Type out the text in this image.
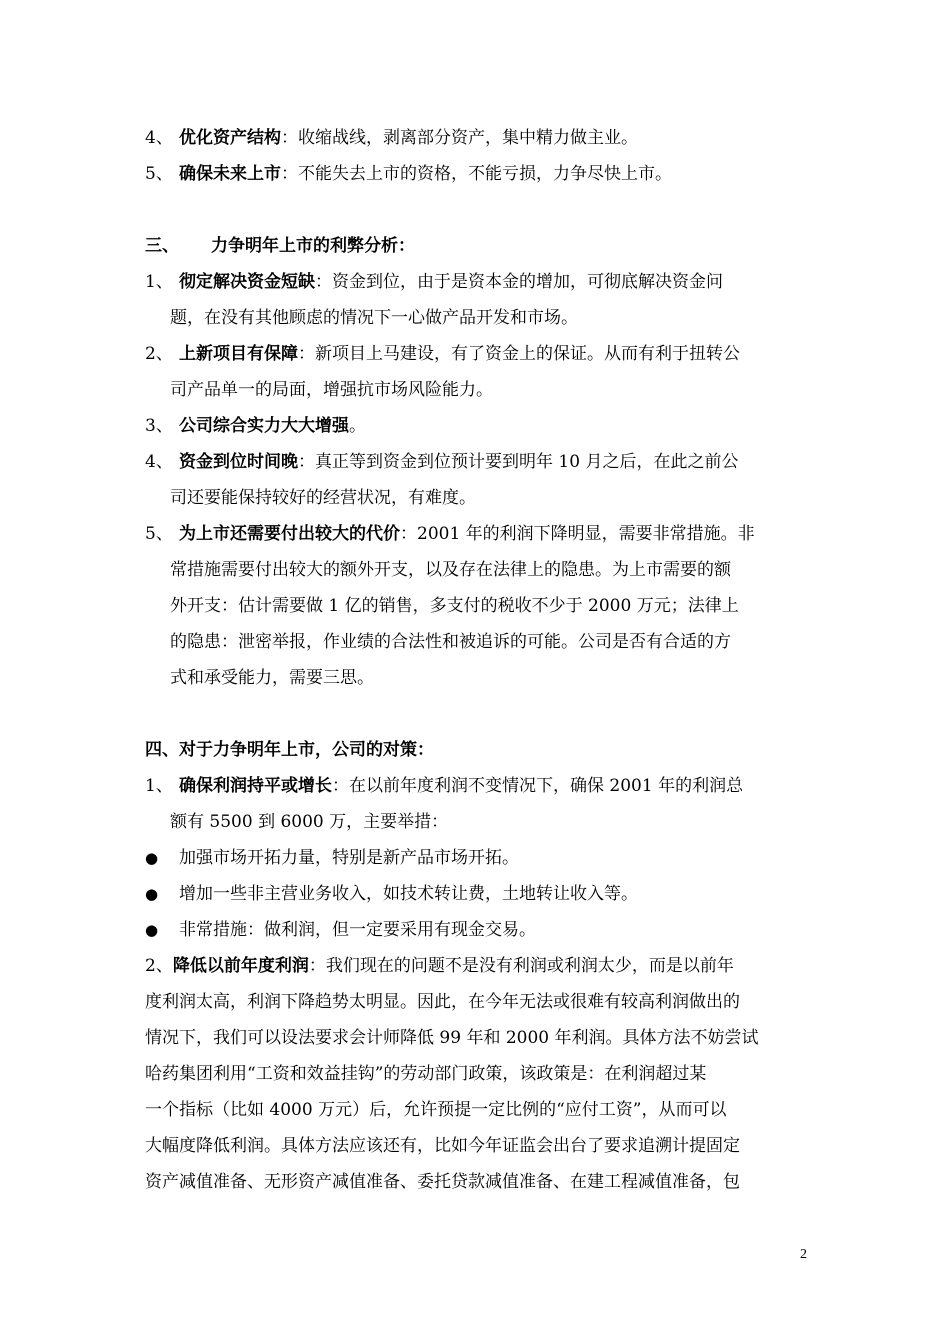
4、 优化资产结构：收缩战线，剥离部分资产，集中精力做主业。
5、 确保未来上市：不能失去上市的资格，不能亏损，力争尽快上市。
三、 力争明年上市的利弊分析：
1、 彻定解决资金短缺：资金到位，由于是资本金的增加，可彻底解决资金问
题，在没有其他顾虑的情况下一心做产品开发和市场。
2、 上新项目有保障：新项目上马建设，有了资金上的保证。从而有利于扭转公
司产品单一的局面，增强抗市场风险能力。
3、 公司综合实力大大增强。
4、 资金到位时间晚：真正等到资金到位预计要到明年 10 月之后，在此之前公
司还要能保持较好的经营状况，有难度。
5、 为上市还需要付出较大的代价：2001 年的利润下降明显，需要非常措施。非
常措施需要付出较大的额外开支，以及存在法律上的隐患。为上市需要的额
外开支：估计需要做 1 亿的销售，多支付的税收不少于 2000 万元；法律上
的隐患：泄密举报，作业绩的合法性和被追诉的可能。公司是否有合适的方
式和承受能力，需要三思。
四、对于力争明年上市，公司的对策：
1、 确保利润持平或增长：在以前年度利润不变情况下，确保 2001 年的利润总
额有 5500 到 6000 万，主要举措：
● 加强市场开拓力量，特别是新产品市场开拓。
● 增加一些非主营业务收入，如技术转让费，土地转让收入等。
● 非常措施：做利润，但一定要采用有现金交易。
2、降低以前年度利润：我们现在的问题不是没有利润或利润太少，而是以前年
度利润太高，利润下降趋势太明显。因此，在今年无法或很难有较高利润做出的
情况下，我们可以设法要求会计师降低 99 年和 2000 年利润。具体方法不妨尝试
哈药集团利用“工资和效益挂钩”的劳动部门政策，该政策是：在利润超过某
一个指标（比如 4000 万元）后，允许预提一定比例的“应付工资”，从而可以
大幅度降低利润。具体方法应该还有，比如今年证监会出台了要求追溯计提固定
资产减值准备、无形资产减值准备、委托贷款减值准备、在建工程减值准备，包
2
